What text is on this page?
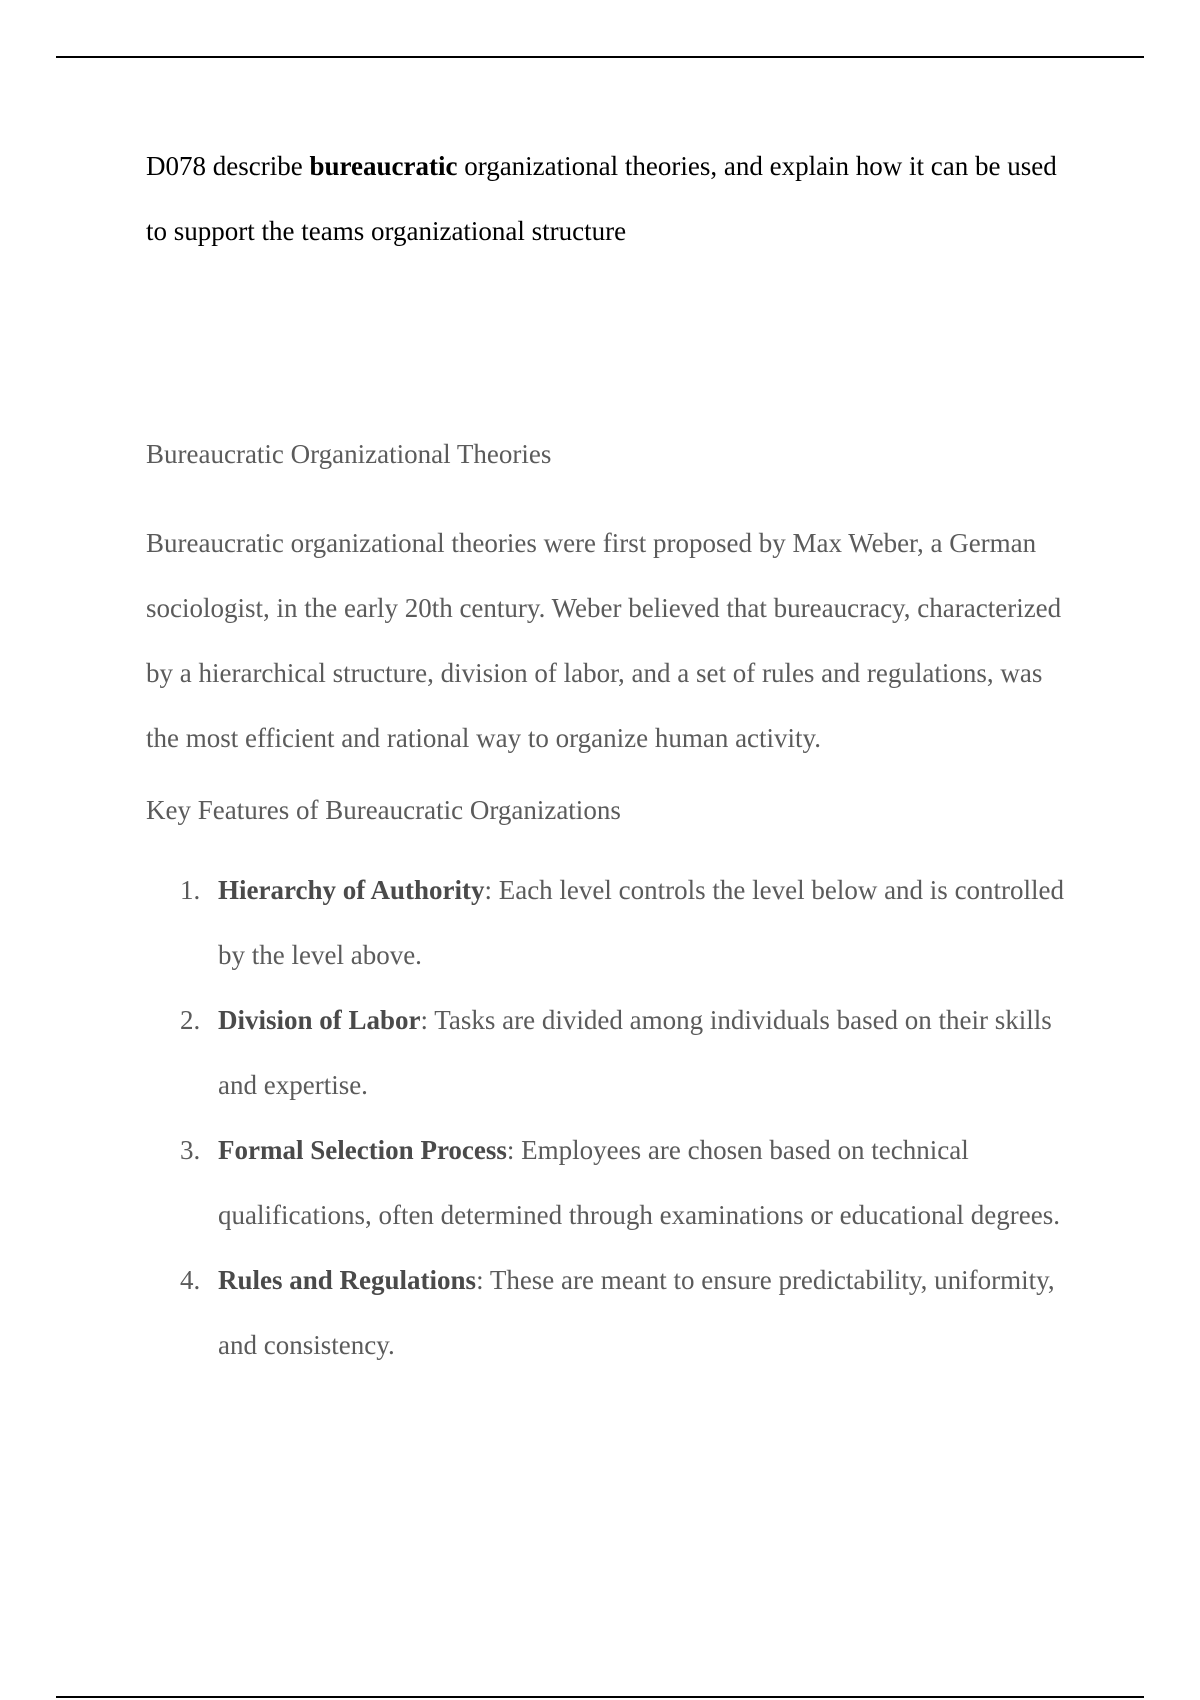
D078 describe bureaucratic organizational theories, and explain how it can be used to support the teams organizational structure
Bureaucratic Organizational Theories
Bureaucratic organizational theories were first proposed by Max Weber, a German sociologist, in the early 20th century. Weber believed that bureaucracy, characterized by a hierarchical structure, division of labor, and a set of rules and regulations, was the most efficient and rational way to organize human activity.
Key Features of Bureaucratic Organizations
1. Hierarchy of Authority: Each level controls the level below and is controlled by the level above.
2. Division of Labor: Tasks are divided among individuals based on their skills and expertise.
3. Formal Selection Process: Employees are chosen based on technical qualifications, often determined through examinations or educational degrees.
4. Rules and Regulations: These are meant to ensure predictability, uniformity, and consistency.
